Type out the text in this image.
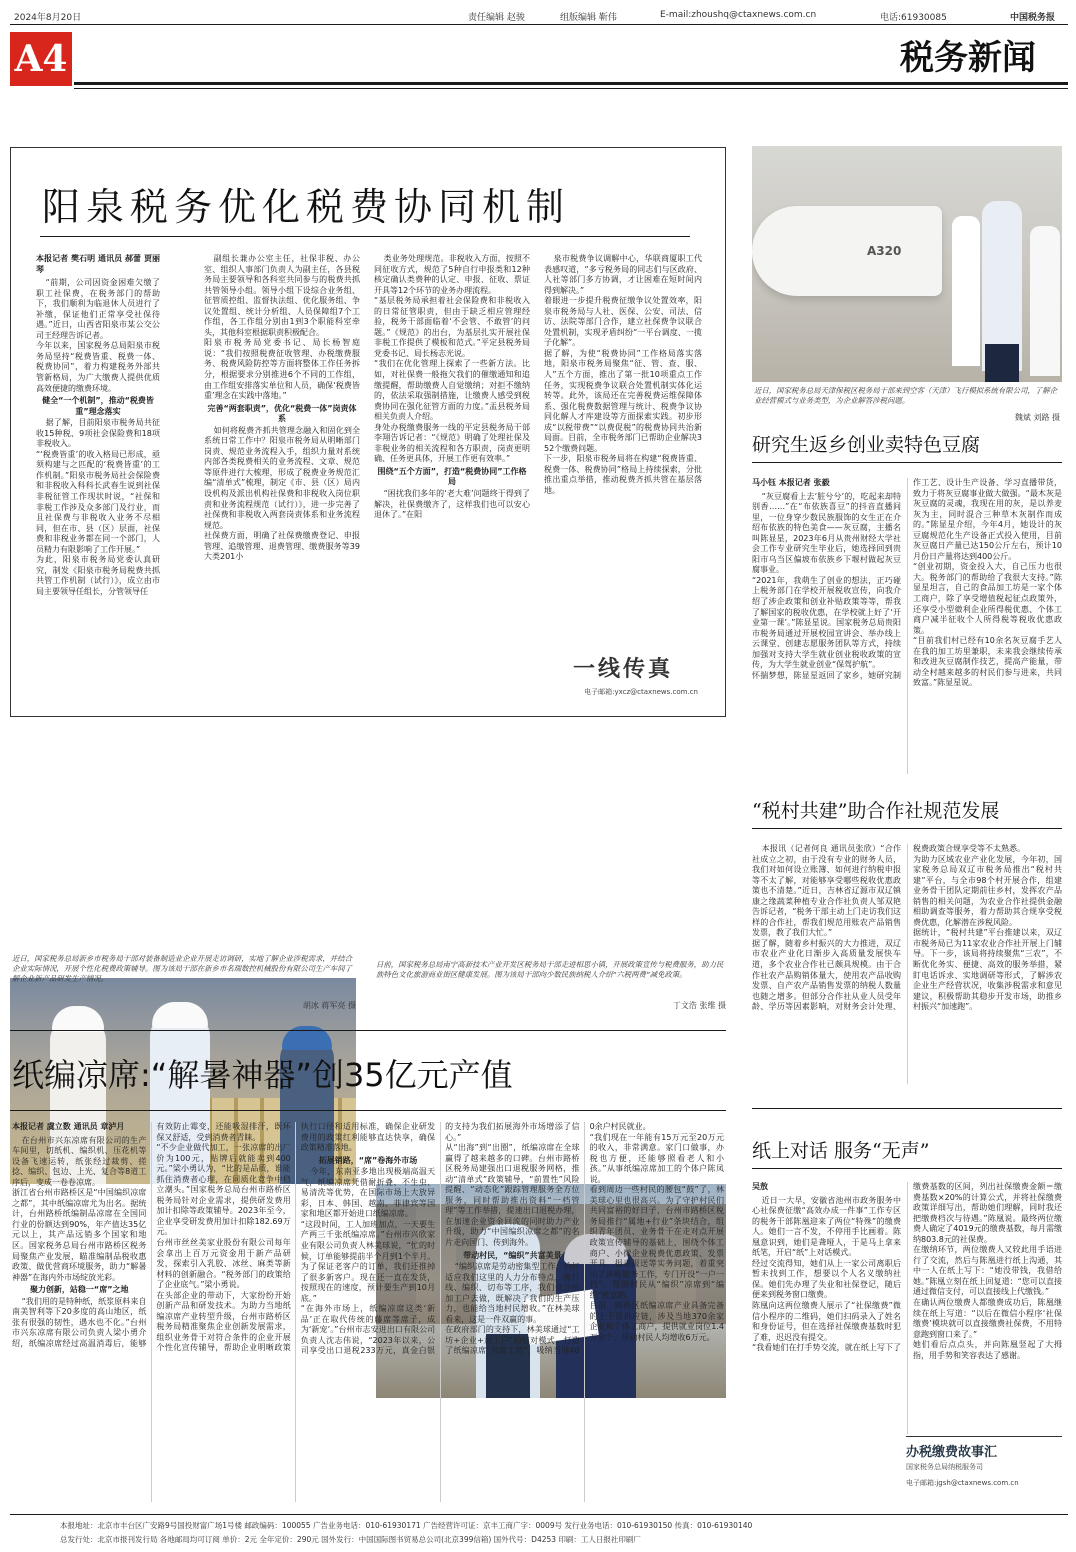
2024年8月20日	责任编辑 赵骏	组版编辑 靳伟	E-mail:zhoushq@ctaxnews.com.cn	电话:61930085	中国税务报
A4	税务新闻
阳泉税务优化税费协同机制
本报记者 樊石明 通讯员 郝蕾 贾丽琴

“前期，公司因资金困难欠缴了职工社保费，在税务部门的帮助下，我们顺利为临退休人员进行了补缴，保证他们正常享受社保待遇。”近日，山西省阳泉市某公交公司王经理告诉记者。
今年以来，国家税务总局阳泉市税务局坚持“税费皆重、税费一体、税费协同”，着力构建税务外部共管新格局，为广大缴费人提供优质高效便捷的缴费环境。

健全“一个机制”，推动“税费皆重”理念落实

据了解，目前阳泉市税务局共征收15种税、9项社会保险费和18项非税收入。
“‘税费皆重’的收入格局已形成，亟须构建与之匹配的‘税费皆重’的工作机制。”阳泉市税务局社会保险费和非税收入科科长武春生说到社保非税征管工作现状时说，“社保和非税工作涉及众多部门及行业，而且社保费与非税收入业务不尽相同，但在市、县（区）层面，社保费和非税业务都在同一个部门，人员精力有限影响了工作开展。”
为此，阳泉市税务局党委认真研究，制发《阳泉市税务局税费共抓共管工作机制（试行）》，成立由市局主要领导任组长，分管领导任

副组长兼办公室主任，社保非税、办公室、组织人事部门负责人为副主任，各县税务局主要领导和各科室共同参与的税费共抓共管领导小组。领导小组下设综合业务组、征管质控组、监督执法组、优化服务组、争议处置组、统计分析组、人员保障组7个工作组，各工作组分别由1到3个职能科室牵头，其他科室根据职责积极配合。
阳泉市税务局党委书记、局长杨智庭说：“我们按照税费征收管理、办税缴费服务、税费风险防控等方面将整体工作任务拆分，根据要求分别推进6个不同的工作组，由工作组安排落实单位和人员，确保‘税费皆重’理念在实践中落地。”

完善“两套职责”，优化“税费一体”岗责体系

如何将税费齐抓共管理念融入和固化到全系统日常工作中？阳泉市税务局从明晰部门岗责、规范业务流程入手，组织力量对系统内部各类税费相关的业务流程、文章、规范等原件进行大梳理，形成了税费业务规范汇编“清单式”梳理，制定《市、县（区）局内设机构及派出机构社保费和非税收入岗位职责和业务流程规范（试行）》，进一步完善了社保费和非税收入两套岗责体系和业务流程规范。
社保费方面，明确了社保费缴费登记、申报管理、追缴管理、退费管理、缴费服务等39大类201小

类业务处理规范。非税收入方面，按照不同征收方式，规范了5种自行申报类和12种核定确认类费种的认定、申报、征收、票证开具等12个环节的业务办理流程。
“基层税务局承担着社会保险费和非税收入的日常征管职责，但由于缺乏相应管理经验，税务干部面临着‘不会管、不敢管’的问题。”《规范》的出台，为基层扎实开展社保非税工作提供了模板和范式。”平定县税务局党委书记、局长杨志光说。
“我们在优化管理上探索了一些新方法。比如，对社保费一般拖欠我们的催缴通知和追缴提醒，帮助缴费人自觉缴纳；对拒不缴纳的，依法采取强制措施，让缴费人感受到税费协同在强化征管方面的力度。”盂县税务局相关负责人介绍。
身处办税缴费服务一线的平定县税务局干部李翔告诉记者：“《规范》明确了处理社保及非税业务的相关流程和各方职责，岗责更明确、任务更具体，开展工作更有效率。”

围绕“五个方面”，打造“税费协同”工作格局

“困扰我们多年的‘老大难’问题终于得到了解决，社保费缴齐了，这样我们也可以安心退休了。”在阳

泉市税费争议调解中心，华联商厦职工代表感叹道，“多亏税务局的同志们与区政府、人社等部门多方协调，才让困难在短时间内得到解决。”
着眼进一步提升税费征缴争议处置效率，阳泉市税务局与人社、医保、公安、司法、信访、法院等部门合作，建立社保费争议联合处置机制，实现矛盾纠纷“一平台调度、一揽子化解”。
据了解，为使“税费协同”工作格局落实落地，阳泉市税务局聚焦“征、管、查、服、人”五个方面，推出了第一批10项重点工作任务，实现税费争议联合处置机制实体化运转等。此外，该局还在完善税费运维保障体系、强化税费数据管理与统计、税费争议协同化解人才库建设等方面探索实践。初步形成“以税带费”“以费促税”的税费协同共治新局面。目前，全市税务部门已帮助企业解决352个缴费问题。
下一步，阳泉市税务局将在构建“税费皆重、税费一体、税费协同”格局上持续探索，分批推出重点举措，推动税费齐抓共管在基层落地。

一线传真
电子邮箱:yxcz@ctaxnews.com.cn
A320
近日，国家税务总局天津保税区税务局干部来到空客（天津）飞行模拟系统有限公司，了解企业经营模式与业务类型，为企业解答涉税问题。
魏斌 刘路 摄
研究生返乡创业卖特色豆腐
马小钰 本报记者 张毅

“灰豆腐看上去‘脏兮兮’的，吃起来却特别香……”在“布依族喜豆”的抖音直播间里，一位身穿少数民族服饰的女生正在介绍布依族的特色美食——灰豆腐，主播名叫陈显星，2023年6月从贵州财经大学社会工作专业研究生毕业后，她选择回到贵阳市乌当区偏坡布依族乡下堰村做起灰豆腐事业。
“2021年，我萌生了创业的想法，正巧碰上税务部门在学校开展税收宣传，向我介绍了涉企政策和创业补贴政策等等，帮我了解国家的税收优惠，在学校就上好了‘开业第一课’。”陈显星说。国家税务总局贵阳市税务局通过开展校园宣讲会、举办线上云课堂、创建志愿服务团队等方式，持续加强对支持大学生就业创业税收政策的宣传，为大学生就业创业“保驾护航”。
怀揣梦想，陈显星返回了家乡，她研究制作工艺、设计生产设备、学习直播带货，致力于将灰豆腐事业做大做强。“最木灰是灰豆腐的灵魂，我现在用的灰，是以养麦灰为主，同时混合三种草木灰制作而成的。”陈显星介绍，今年4月，她设计的灰豆腐规范化生产设备正式投入使用，目前灰豆腐日产量已达150公斤左右，预计10月份日产量将达到400公斤。
“创业初期，资金投入大，自己压力也很大。税务部门的帮助给了我很大支持。”陈显星坦言，自己的食品加工坊是一家个体工商户，除了享受增值税起征点政策外，还享受小型微利企业所得税优惠、个体工商户减半征收个人所得税等税收优惠政策。
“目前我们村已经有10余名灰豆腐手艺人在我的加工坊里兼职，未来我会继续传承和改进灰豆腐制作技艺，提高产能量，带动全村越来越多的村民们参与进来，共同致富。”陈显星说。

近日，国家税务总局新乡市税务局干部对装备制造业企业开展走访调研，实地了解企业涉税需求，并结合企业实际情况，开展个性化税费政策辅导。图为该局干部在新乡市名瑞数控机械股份有限公司生产车间了解企业新产品研发生产情况。
胡冰 蒋军亮 摄
日前，国家税务总局南宁高新技术产业开发区税务局干部走进相思小镇，开展政策宣传与税费服务，助力民族特色文化旅游商业街区健康发展。图为该局干部向少数民族纳税人介绍“六税两费”减免政策。
丁文浩 张维 摄
“税村共建”助合作社规范发展

本报讯（记者何良 通讯员张欣）“合作社成立之初，由于没有专业的财务人员，我们对如何设立账簿、如何进行纳税申报等不太了解，对能够享受哪些税收优惠政策也不清楚。”近日，吉林省辽源市双辽镇康之缘蔬菜种植专业合作社负责人邹双艳告诉记者，“税务干部主动上门走访我们这样的合作社，帮我们规范用账农产品销售发票，教了我们大忙。”
据了解，随着乡村振兴的大力推进，双辽市农业产业化日渐步入高质量发展快车道，多个农业合作社已颇具规模。由于合作社农产品购销体量大，使用农产品收购发票、自产农产品销售发票的纳税人数量也随之增多。但部分合作社从业人员受年龄、学历等因素影响，对财务会计处理、税费政策合规享受等不太熟悉。
为助力区域农业产业化发展，今年初，国家税务总局双辽市税务局推出“税村共建”平台，与全市98个村开展合作，组建业务骨干团队定期前往乡村，发挥农产品销售的相关问题，为农业合作社提供金融相助调查等服务，着力帮助其合规享受税费优惠，化解潜在涉税风险。
据统计，“税村共建”平台推建以来，双辽市税务局已为11家农业合作社开展上门辅导。下一步，该局将持续聚焦“三农”，不断优化务实、便捷、高效的服务举措，紧盯电话诉求、实地调研等形式，了解涉农企业生产经营状况，收集涉税需求和意见建议，积极帮助其稳步开发市场，助推乡村振兴“加速跑”。

纸编凉席:“解暑神器”创35亿元产值
本报记者 虞立数 通讯员 章泸月

在台州市兴东凉席有限公司的生产车间里，切纸机、编织机、压花机等设备飞速运转，纸张经过裁剪、搓捻、编织、包边、上光、复合等8道工序后，变成一卷卷凉席。
浙江省台州市路桥区是“中国编织凉席之都”，其中纸编凉席尤为出名。据统计，台州路桥纸编制品凉席在全国同行业的份额达到90%，年产值达35亿元以上，其产品远销多个国家和地区。国家税务总局台州市路桥区税务局聚焦产业发展，瞄准编制品税收惠政策、做优营商环境服务，助力“解暑神器”在海内外市场绽放光彩。

聚力创新，站稳一“席”之地

“我们用的是特种纸，纸浆原料来自南美智利等下20多度的高山地区，纸张有很强的韧性，遇水也不化。”台州市兴东凉席有限公司负责人梁小勇介绍，纸编凉席经过高温消毒后，能够有效防止霉变，还能吸湿排汗，既环保又舒适，受到消费者青睐。
“不少企业做代加工，一张凉席的出厂价为100元，贴牌后就能卖到400元。”梁小勇认为，“比的是品质，谁能抓住消费者心理，在同质化竞争中稳立潮头。”国家税务总局台州市路桥区税务局针对企业需求，提供研发费用加计扣除等政策辅导。2023年至今，企业享受研发费用加计扣除182.69万元。
台州市丝丝美家业股份有限公司每年会拿出上百万元资金用于新产品研发，探索引入乳胶、冰丝、麻类等新材料的创新融合。“税务部门的政策给了企业底气。”梁小勇说。
在头部企业的带动下，大家纷纷开始创新产品和研发技术。为助力当地纸编凉席产业转型升级，台州市路桥区税务局精准聚焦企业创新发展需求，组织业务骨干对符合条件的企业开展个性化宣传辅导，帮助企业明晰政策执行口径和适用标准，确保企业研发费用的政策红利能够直达快享，确保政策精准落地。

拓展销路，“席”卷海外市场

今年，东南亚多地出现极端高温天气，纸编凉席凭借耐折叠、不生虫、易清洗等优势，在国际市场上大放异彩，日本、韩国、越南、菲律宾等国家和地区都开始进口纸编凉席。
“这段时间，工人加班加点，一天要生产两三千张纸编凉席。”台州市兴欣家业有限公司负责人林美球说，“忙的时候，订单能够提前半个月到1个半月。为了保证老客户的订单，我们还推掉了很多新客户。现在还一直在发货，按照现在的速度，预计要生产到10月底。”
“在海外市场上，纸编凉席这类‘新品’正在取代传统的藤席等席子，成为‘新宠’。”台州市志安进出口有限公司负责人沈志伟说，“2023年以来，公司享受出口退税233万元，真金白银的支持为我们拓展海外市场增添了信心。”
从“出海”到“出圈”，纸编凉席在全球赢得了越来越多的口碑。台州市路桥区税务局建强出口退税服务网格，推动“清单式”政策辅导，“前置性”风险提醒、“动态化”跟踪管理服务全方位服务，同时帮助推出资料“一档管理”等工作举措，提速出口退税办理，在加速企业资金回流的同时助力产业升级，助力“中国编织凉席之都”的名片走向国门、传到海外。

带动村民，“编织”共富美景

“编织凉席是劳动密集型工作，恰好适应我们这里的人力分布特点，像打线、编织、切布等工序，我们会分给加工户去做，既解决了我们的生产压力，也能给当地村民增收。”在林美球看来，这是一件双赢的事。
在政府部门的支持下，林美球通过“工坊+企业+加工户”的结对模式，打造了纸编凉席“共富工坊”，吸纳当地400余户村民就业。
“我们现在一年能有15万元至20万元的收入，非常满意。家门口做事，办税也方便，还能够照看老人和小孩。”从事纸编凉席加工的个体户陈凤说。
看到周边一些村民的腰包“鼓”了，林美球心里也很高兴。为了守护村民们共同富裕的好日子，台州市路桥区税务局推行“属地+行业”条块结合，组织青年团员、业务骨干在走对点开展政策宣传辅导的基础上，围绕个体工商户、小微企业税费优惠政策、发票开具、报表报送等实务问题，着重突出了涉税服务工作，专门开设“一户一档”，帮助村民从“编织”凉席到“编织”致富路。
目前，路桥区纸编凉席产业具备完备的上下游供应链，涉及当地370余家企业和个体工商户，提供就业岗位1.4万余个，带动村民人均增收6万元。

纸上对话 服务“无声”
吴敖

近日一大早，安徽省池州市政务服务中心社保费征缴“高效办成一件事”工作专区的税务干部陈凰迎来了两位“特殊”的缴费人。她们一言不发，不停用手比画着。陈凰意识到，她们是聋哑人，于是马上拿来纸笔，开启“纸”上对话模式。
经过交流得知，她们从上一家公司离职后暂未找到工作，想要以个人名义缴纳社保。她们先办理了失业和社保登记，随后便来到税务窗口缴费。
陈凰向这两位缴费人展示了“社保缴费”微信小程序的二维码，她们扫码录入了姓名和身份证号，但在选择社保缴费基数时犯了难，迟迟没有提交。
“我看她们在打手势交流，就在纸上写下了缴费基数的区间，列出社保缴费金额＝缴费基数×20%的计算公式，并将社保缴费政策详细写出，帮助她们理解，同时我还把缴费档次与待遇。”陈凰说。最终两位缴费人确定了4019元的缴费基数，每月需缴纳803.8元的社保费。
在缴纳环节，两位缴费人又较此用手语进行了交流，然后与陈凰进行纸上沟通，其中一人在纸上写下：“她没带钱，我借给她。”陈凰立刻在纸上回复道：“您可以直接通过微信支付，可以直接线上代缴钱。”
在确认两位缴费人都缴费成功后，陈凰继续在纸上写道：“以后在微信小程序‘社保缴费’模块就可以直接缴费社保费，不用特意跑到窗口来了。”
她们看后点点头，并向陈凰竖起了大拇指，用手势和笑容表达了感谢。

办税缴费故事汇
国家税务总局纳税服务司
电子邮箱:jgsh@ctaxnews.com.cn
本报地址：北京市丰台区广安路9号国投财富广场1号楼 邮政编码：100055 广告业务电话：010-61930171 广告经营许可证：京丰工商广字：0009号 发行业务电话：010-61930150 传真：010-61930140
总发行处：北京市报刊发行局 各地邮局均可订阅 单价：2元 全年定价：290元 国外发行：中国国际图书贸易总公司(北京399信箱) 国外代号：D4253 印刷：工人日报社印刷厂
